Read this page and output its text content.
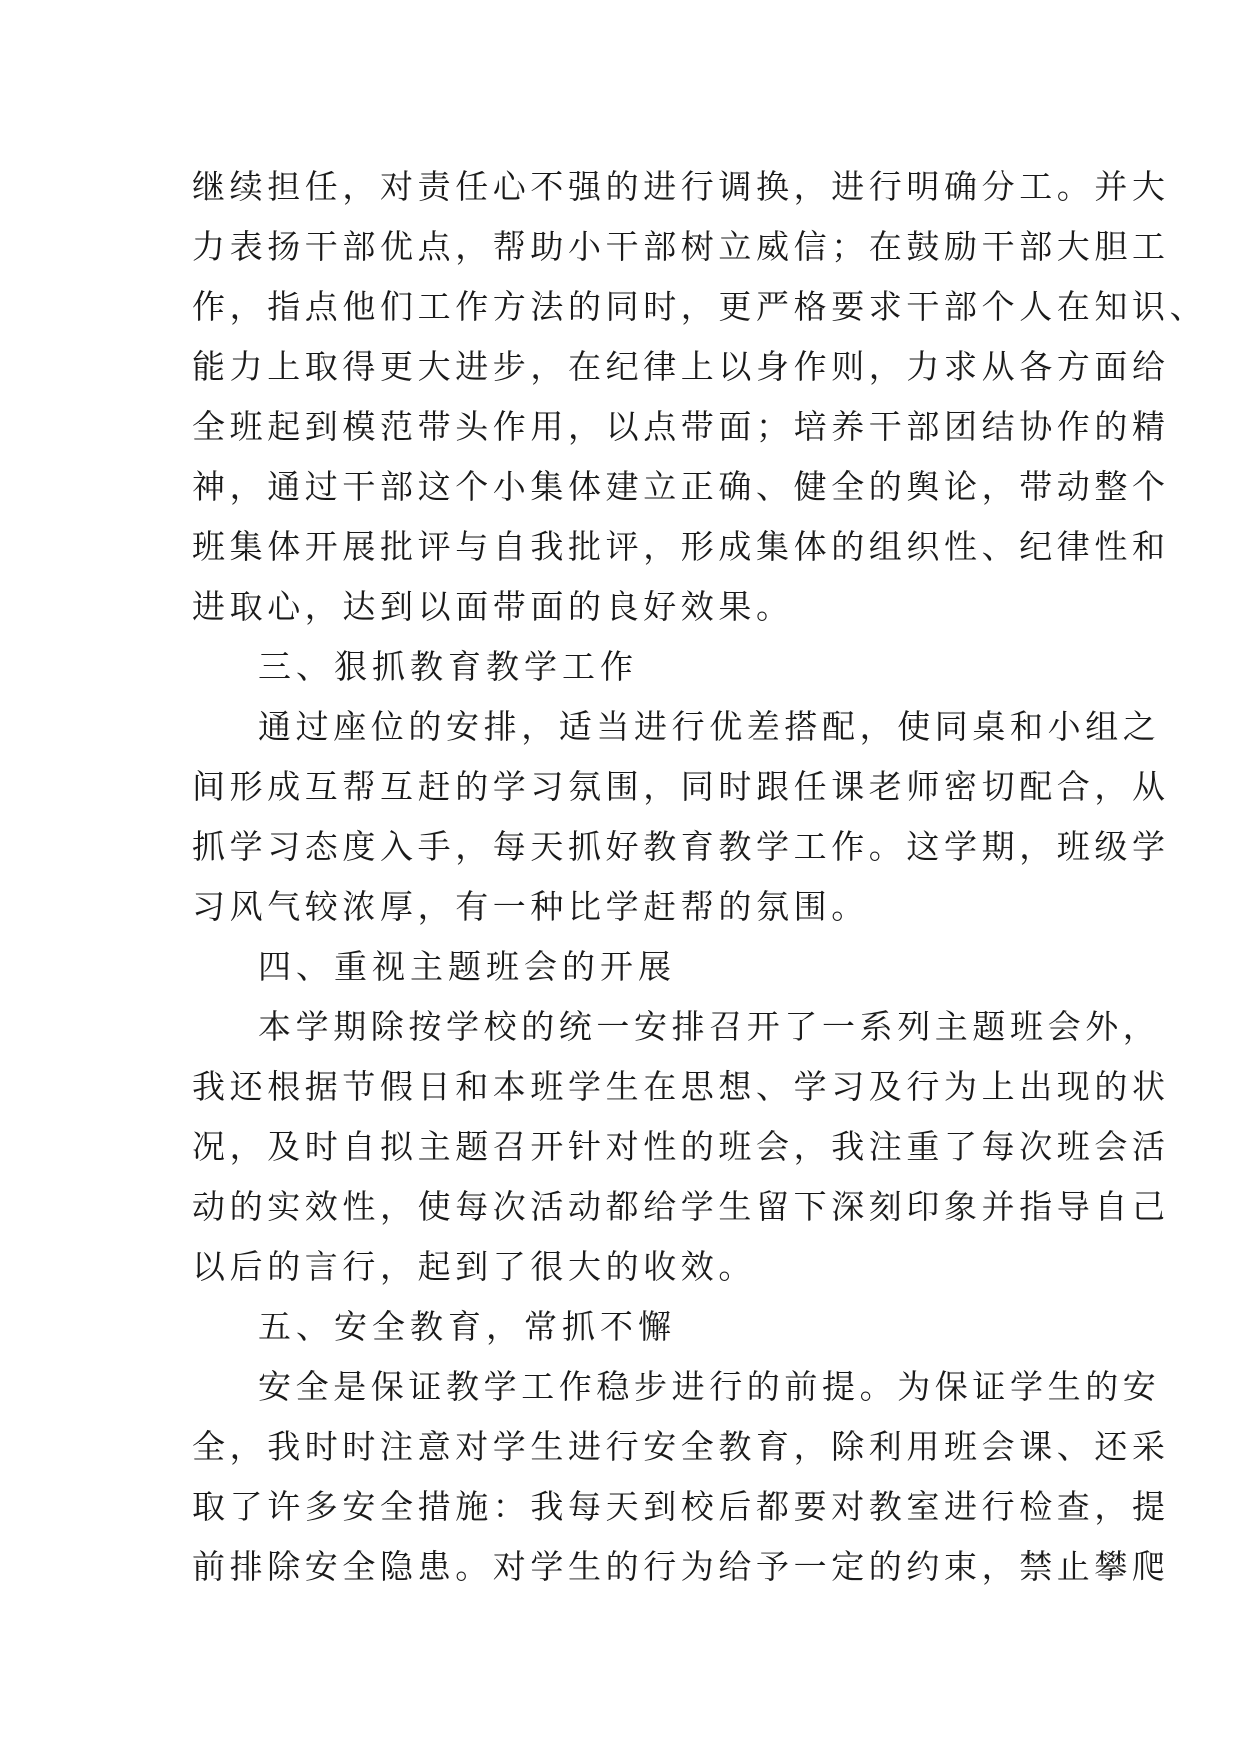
继续担任，对责任心不强的进行调换，进行明确分工。并大
力表扬干部优点，帮助小干部树立威信；在鼓励干部大胆工
作，指点他们工作方法的同时，更严格要求干部个人在知识、
能力上取得更大进步，在纪律上以身作则，力求从各方面给
全班起到模范带头作用，以点带面；培养干部团结协作的精
神，通过干部这个小集体建立正确、健全的舆论，带动整个
班集体开展批评与自我批评，形成集体的组织性、纪律性和
进取心，达到以面带面的良好效果。
三、狠抓教育教学工作
通过座位的安排，适当进行优差搭配，使同桌和小组之
间形成互帮互赶的学习氛围，同时跟任课老师密切配合，从
抓学习态度入手，每天抓好教育教学工作。这学期，班级学
习风气较浓厚，有一种比学赶帮的氛围。
四、重视主题班会的开展
本学期除按学校的统一安排召开了一系列主题班会外，
我还根据节假日和本班学生在思想、学习及行为上出现的状
况，及时自拟主题召开针对性的班会，我注重了每次班会活
动的实效性，使每次活动都给学生留下深刻印象并指导自己
以后的言行，起到了很大的收效。
五、安全教育，常抓不懈
安全是保证教学工作稳步进行的前提。为保证学生的安
全，我时时注意对学生进行安全教育，除利用班会课、还采
取了许多安全措施：我每天到校后都要对教室进行检查，提
前排除安全隐患。对学生的行为给予一定的约束，禁止攀爬
